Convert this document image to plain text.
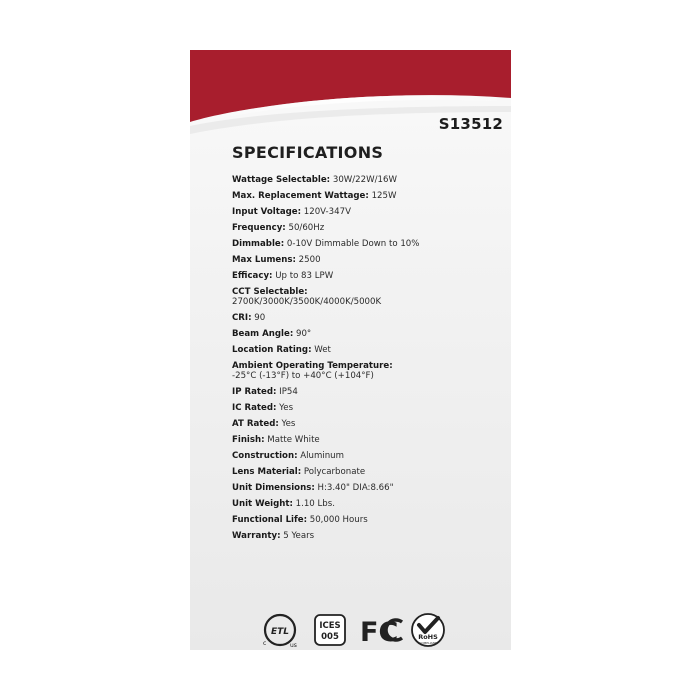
S13512
SPECIFICATIONS
Wattage Selectable: 30W/22W/16W
Max. Replacement Wattage: 125W
Input Voltage: 120V-347V
Frequency: 50/60Hz
Dimmable: 0-10V Dimmable Down to 10%
Max Lumens: 2500
Efficacy: Up to 83 LPW
CCT Selectable:
2700K/3000K/3500K/4000K/5000K
CRI: 90
Beam Angle: 90°
Location Rating: Wet
Ambient Operating Temperature:
-25°C (-13°F) to +40°C (+104°F)
IP Rated: IP54
IC Rated: Yes
AT Rated: Yes
Finish: Matte White
Construction: Aluminum
Lens Material: Polycarbonate
Unit Dimensions: H:3.40" DIA:8.66"
Unit Weight: 1.10 Lbs.
Functional Life: 50,000 Hours
Warranty: 5 Years
ETL
c	us
ICES
005 FC	RoHS
COMPLIANT
